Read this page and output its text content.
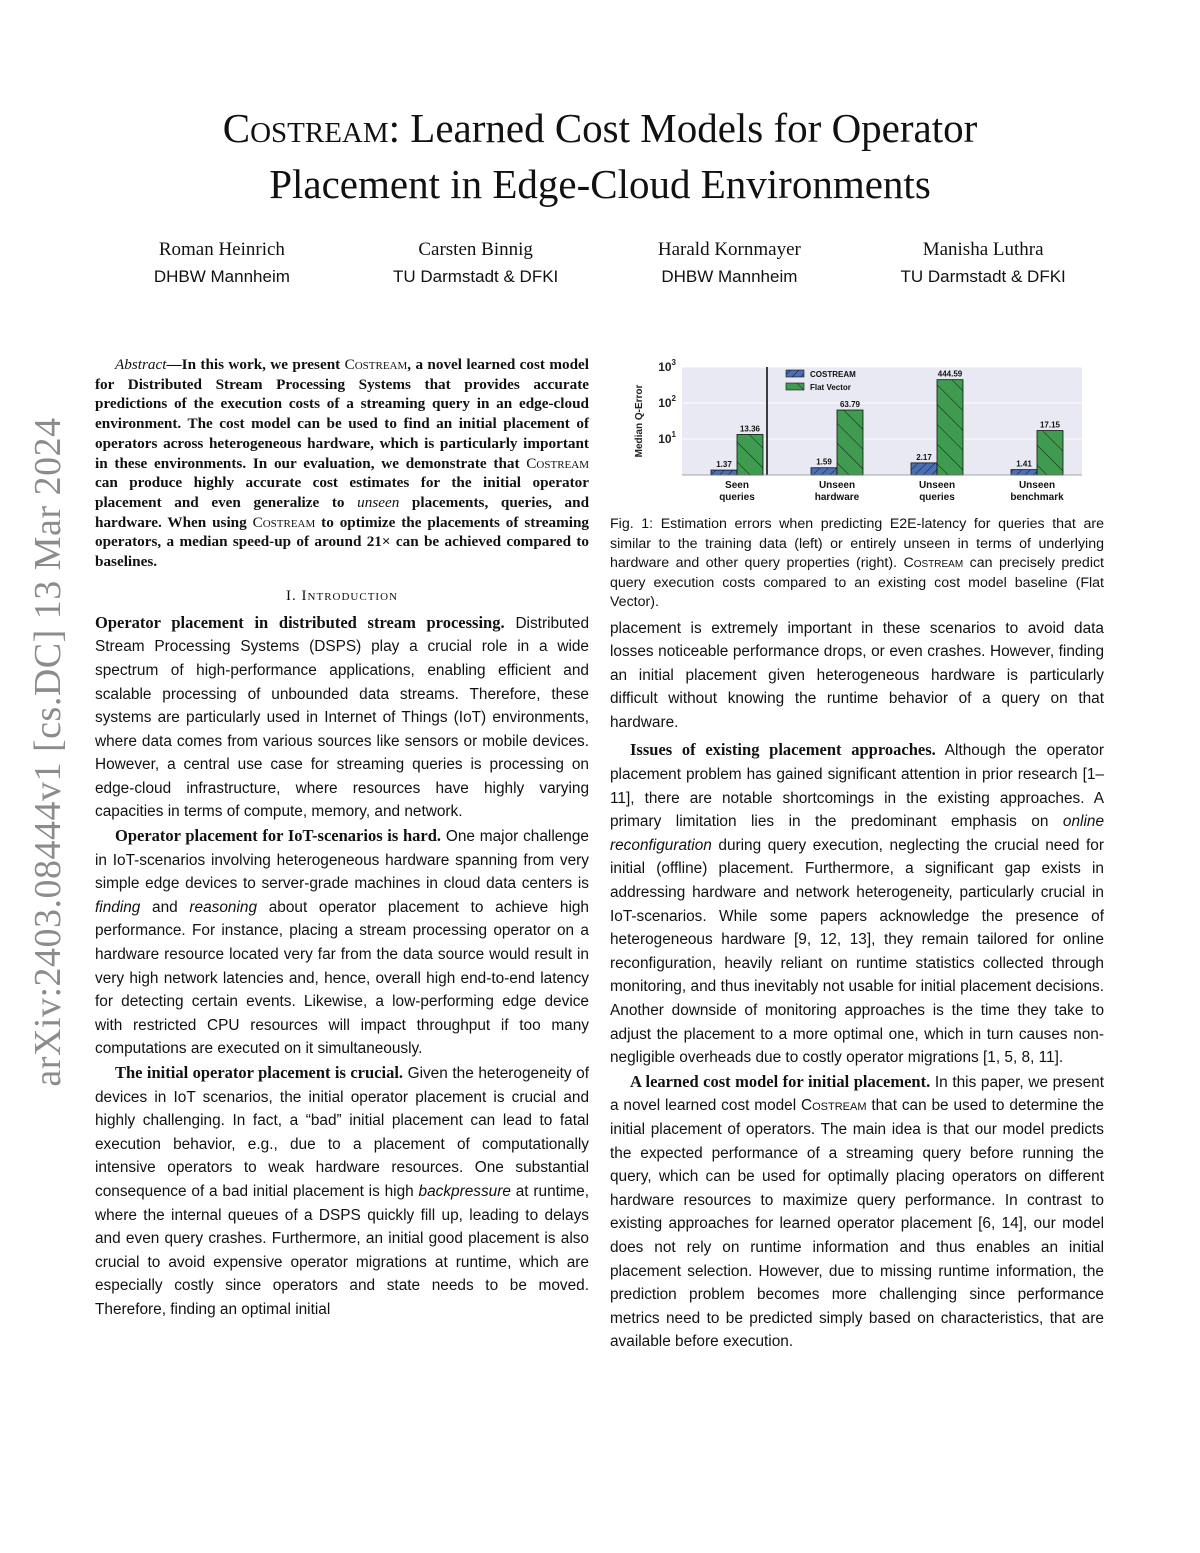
arXiv:2403.08444v1 [cs.DC] 13 Mar 2024
Costream: Learned Cost Models for Operator
Placement in Edge-Cloud Environments
Roman Heinrich
DHBW Mannheim
Carsten Binnig
TU Darmstadt & DFKI
Harald Kornmayer
DHBW Mannheim
Manisha Luthra
TU Darmstadt & DFKI

Abstract—In this work, we present Costream, a novel learned cost model for Distributed Stream Processing Systems that provides accurate predictions of the execution costs of a streaming query in an edge-cloud environment. The cost model can be used to find an initial placement of operators across heterogeneous hardware, which is particularly important in these environments. In our evaluation, we demonstrate that Costream can produce highly accurate cost estimates for the initial operator placement and even generalize to unseen placements, queries, and hardware. When using Costream to optimize the placements of streaming operators, a median speed-up of around 21× can be achieved compared to baselines.

I. Introduction

Operator placement in distributed stream processing. Distributed Stream Processing Systems (DSPS) play a crucial role in a wide spectrum of high-performance applications, enabling efficient and scalable processing of unbounded data streams. Therefore, these systems are particularly used in Internet of Things (IoT) environments, where data comes from various sources like sensors or mobile devices. However, a central use case for streaming queries is processing on edge-cloud infrastructure, where resources have highly varying capacities in terms of compute, memory, and network.

Operator placement for IoT-scenarios is hard. One major challenge in IoT-scenarios involving heterogeneous hardware spanning from very simple edge devices to server-grade machines in cloud data centers is finding and reasoning about operator placement to achieve high performance. For instance, placing a stream processing operator on a hardware resource located very far from the data source would result in very high network latencies and, hence, overall high end-to-end latency for detecting certain events. Likewise, a low-performing edge device with restricted CPU resources will impact throughput if too many computations are executed on it simultaneously.

The initial operator placement is crucial. Given the heterogeneity of devices in IoT scenarios, the initial operator placement is crucial and highly challenging. In fact, a “bad” initial placement can lead to fatal execution behavior, e.g., due to a placement of computationally intensive operators to weak hardware resources. One substantial consequence of a bad initial placement is high backpressure at runtime, where the internal queues of a DSPS quickly fill up, leading to delays and even query crashes. Furthermore, an initial good placement is also crucial to avoid expensive operator migrations at runtime, which are especially costly since operators and state needs to be moved. Therefore, finding an optimal initial

$10^1$
$10^2$
$10^3$
Median Q-Error
1.37
13.36
Seen
queries
1.59
63.79
Unseen
hardware
2.17
444.59
Unseen
queries
1.41
17.15
Unseen
benchmark
COSTREAM
Flat Vector

Fig. 1: Estimation errors when predicting E2E-latency for queries that are similar to the training data (left) or entirely unseen in terms of underlying hardware and other query properties (right). Costream can precisely predict query execution costs compared to an existing cost model baseline (Flat Vector).

placement is extremely important in these scenarios to avoid data losses noticeable performance drops, or even crashes. However, finding an initial placement given heterogeneous hardware is particularly difficult without knowing the runtime behavior of a query on that hardware.

Issues of existing placement approaches. Although the operator placement problem has gained significant attention in prior research [1–11], there are notable shortcomings in the existing approaches. A primary limitation lies in the predominant emphasis on online reconfiguration during query execution, neglecting the crucial need for initial (offline) placement. Furthermore, a significant gap exists in addressing hardware and network heterogeneity, particularly crucial in IoT-scenarios. While some papers acknowledge the presence of heterogeneous hardware [9, 12, 13], they remain tailored for online reconfiguration, heavily reliant on runtime statistics collected through monitoring, and thus inevitably not usable for initial placement decisions. Another downside of monitoring approaches is the time they take to adjust the placement to a more optimal one, which in turn causes non-negligible overheads due to costly operator migrations [1, 5, 8, 11].

A learned cost model for initial placement. In this paper, we present a novel learned cost model Costream that can be used to determine the initial placement of operators. The main idea is that our model predicts the expected performance of a streaming query before running the query, which can be used for optimally placing operators on different hardware resources to maximize query performance. In contrast to existing approaches for learned operator placement [6, 14], our model does not rely on runtime information and thus enables an initial placement selection. However, due to missing runtime information, the prediction problem becomes more challenging since performance metrics need to be predicted simply based on characteristics, that are available before execution.
